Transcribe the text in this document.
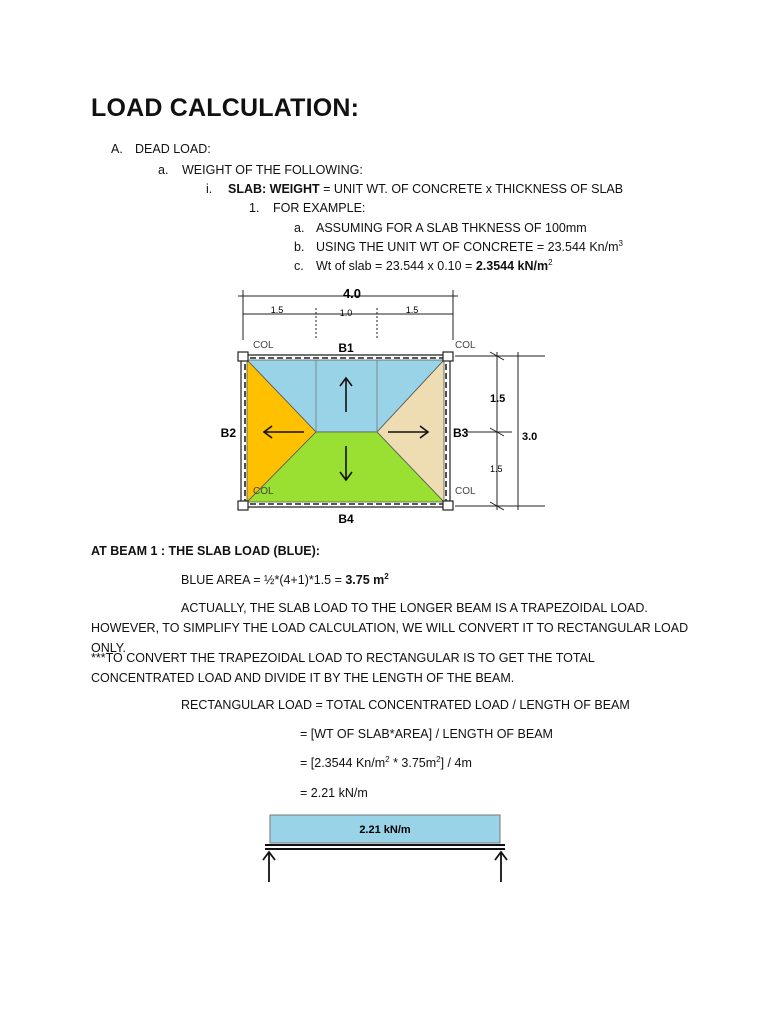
LOAD CALCULATION:
A. DEAD LOAD:
a. WEIGHT OF THE FOLLOWING:
i. SLAB: WEIGHT = UNIT WT. OF CONCRETE x THICKNESS OF SLAB
1. FOR EXAMPLE:
a. ASSUMING FOR A SLAB THKNESS OF 100mm
b. USING THE UNIT WT OF CONCRETE = 23.544 $Kn/m^3$
c. Wt of slab = 23.544 x 0.10 = 2.3544 $kN/m^2$
4.0
1.5	1.0	1.5
COL	COL
COL	COL
B1
B2	B3
B4
1.5
1.5
3.0
AT BEAM 1 : THE SLAB LOAD (BLUE):
BLUE AREA = ½*(4+1)*1.5 = 3.75 $m^2$
ACTUALLY, THE SLAB LOAD TO THE LONGER BEAM IS A TRAPEZOIDAL LOAD. HOWEVER, TO SIMPLIFY THE LOAD CALCULATION, WE WILL CONVERT IT TO RECTANGULAR LOAD ONLY.
***TO CONVERT THE TRAPEZOIDAL LOAD TO RECTANGULAR IS TO GET THE TOTAL CONCENTRATED LOAD AND DIVIDE IT BY THE LENGTH OF THE BEAM.
RECTANGULAR LOAD = TOTAL CONCENTRATED LOAD / LENGTH OF BEAM
= [WT OF SLAB*AREA] / LENGTH OF BEAM
= [2.3544 $Kn/m^2 * 3.75m^2] / 4m$
= 2.21 kN/m
2.21 kN/m
